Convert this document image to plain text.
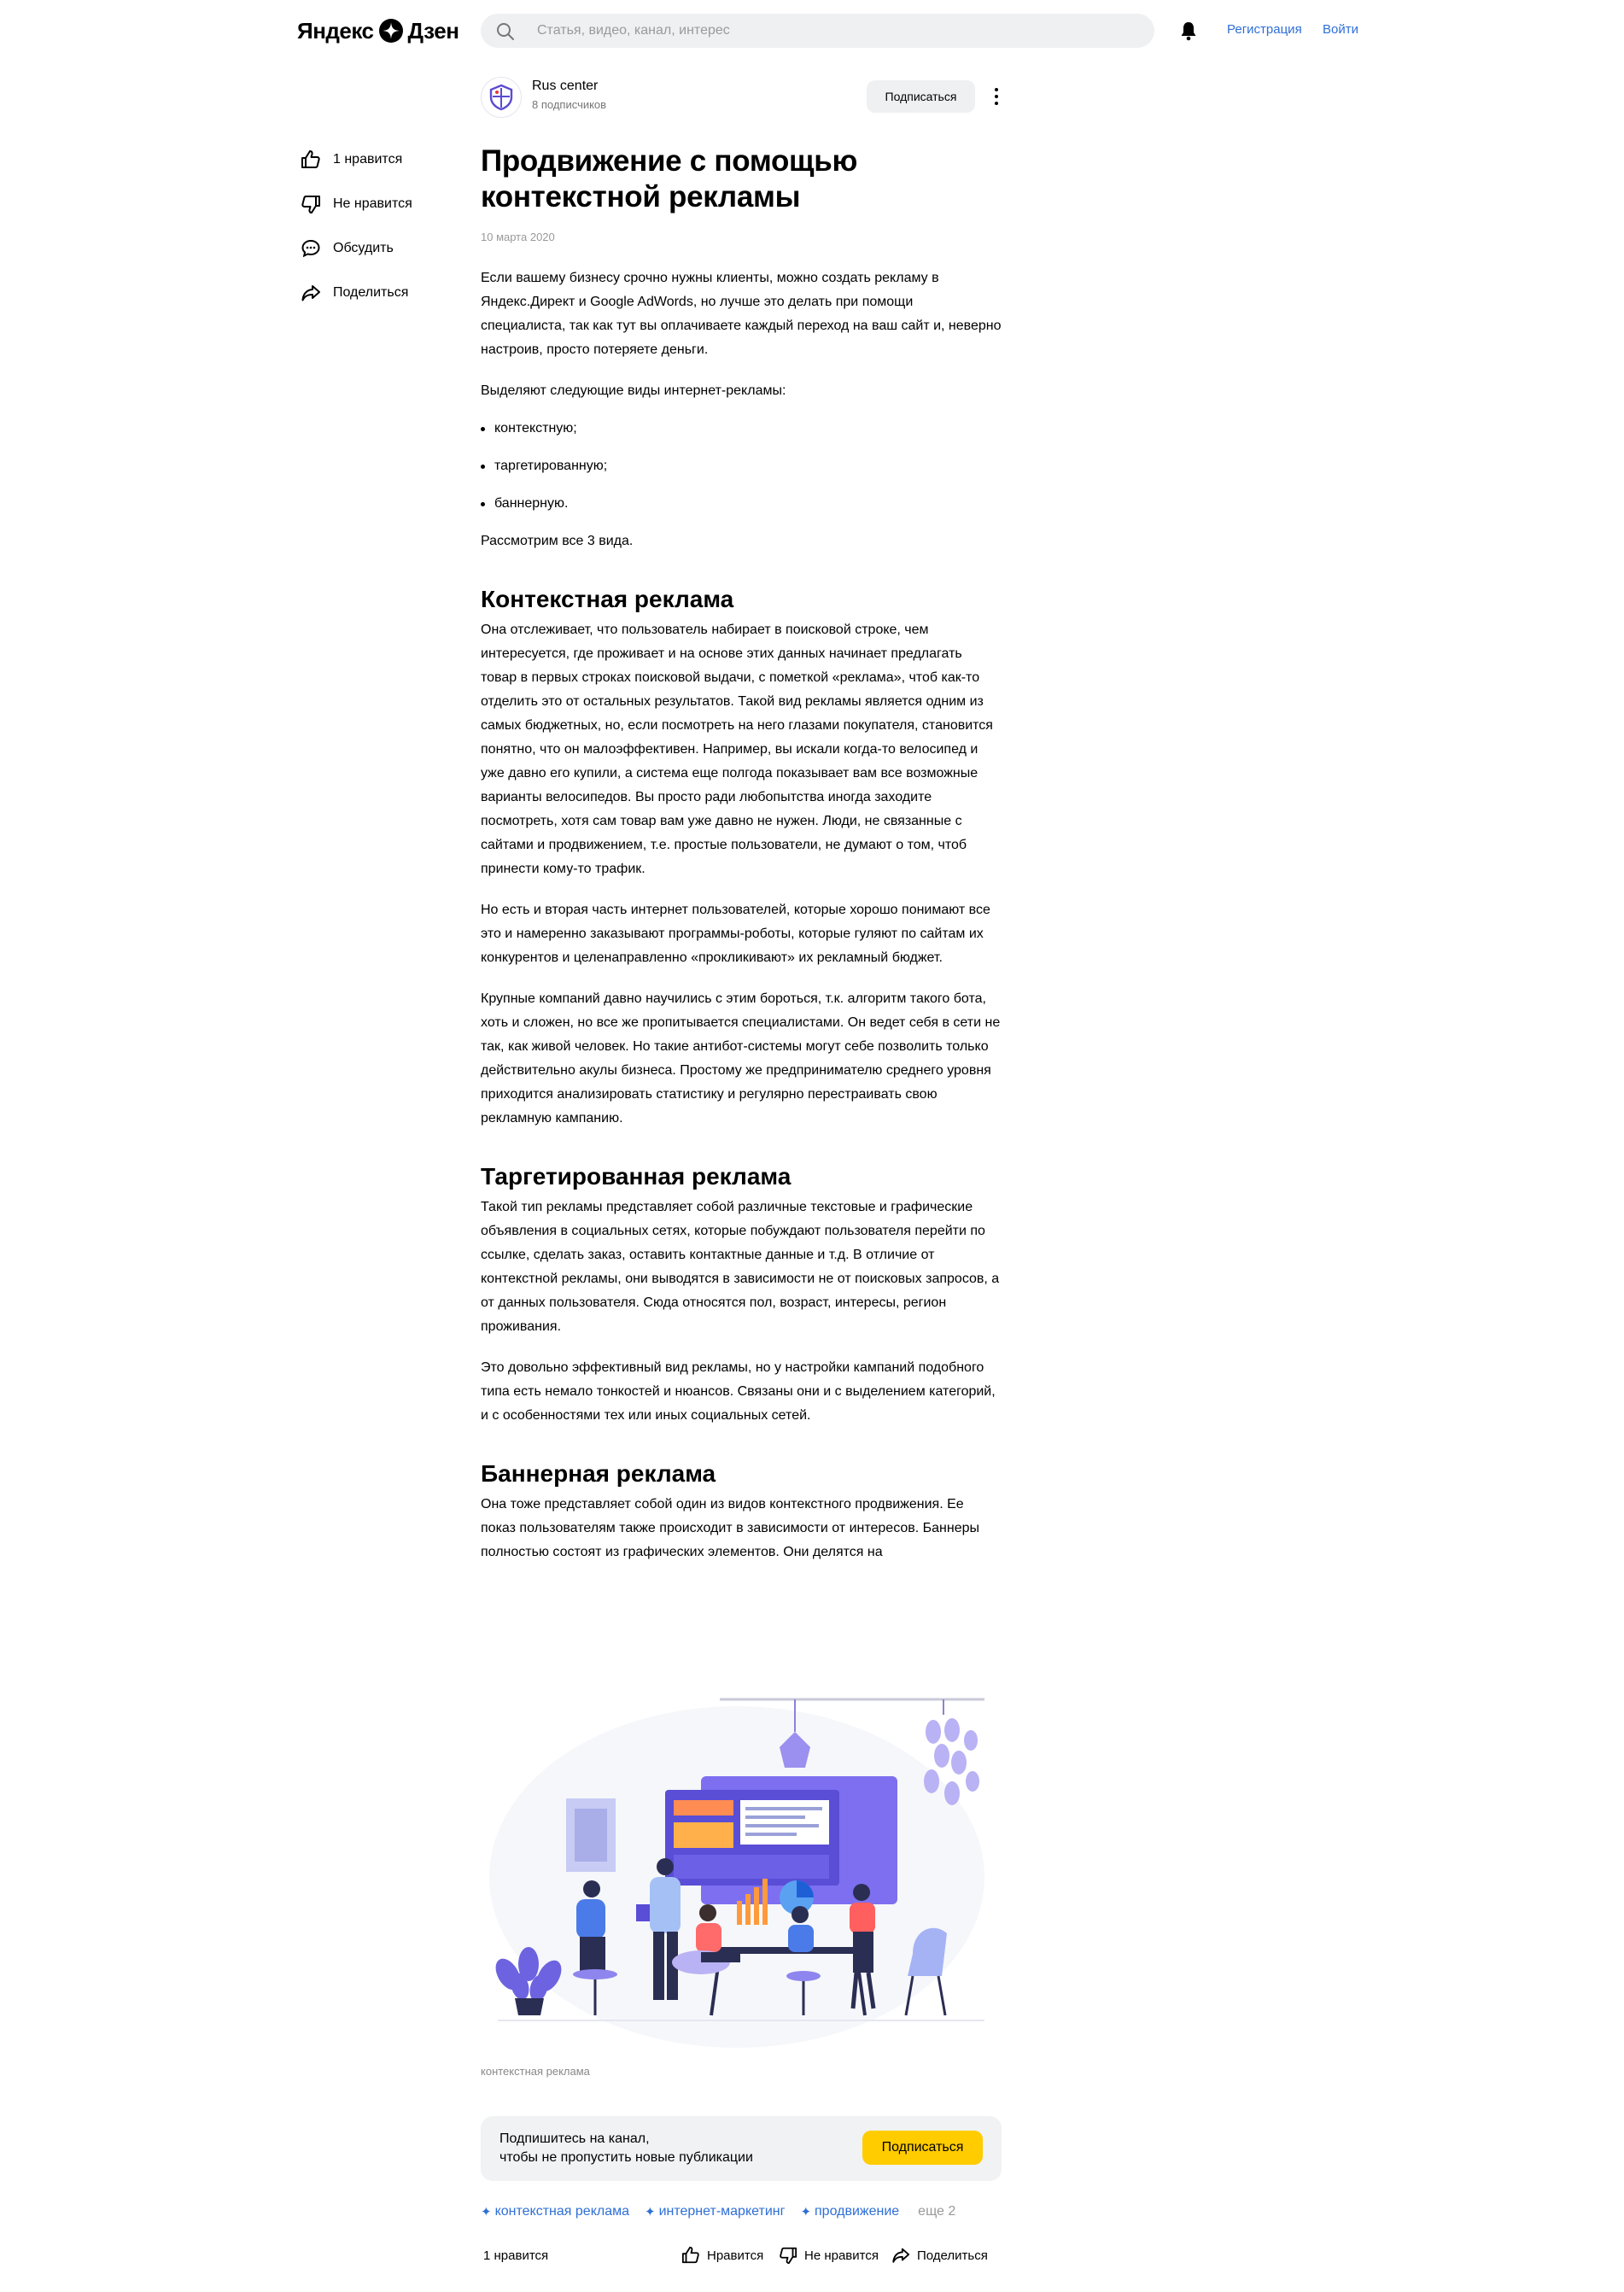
Яндекс Дзен
Статья, видео, канал, интерес	Регистрация Войти
Rus center
8 подписчиков
Подписаться
1 нравится
Не нравится
Обсудить
Поделиться
Продвижение с помощью контекстной рекламы
10 марта 2020

Если вашему бизнесу срочно нужны клиенты, можно создать рекламу в Яндекс.Директ и Google AdWords, но лучше это делать при помощи специалиста, так как тут вы оплачиваете каждый переход на ваш сайт и, неверно настроив, просто потеряете деньги.

Выделяют следующие виды интернет-рекламы:

контекстную;
таргетированную;
баннерную.

Рассмотрим все 3 вида.

Контекстная реклама

Она отслеживает, что пользователь набирает в поисковой строке, чем интересуется, где проживает и на основе этих данных начинает предлагать товар в первых строках поисковой выдачи, с пометкой «реклама», чтоб как-то отделить это от остальных результатов. Такой вид рекламы является одним из самых бюджетных, но, если посмотреть на него глазами покупателя, становится понятно, что он малоэффективен. Например, вы искали когда-то велосипед и уже давно его купили, а система еще полгода показывает вам все возможные варианты велосипедов. Вы просто ради любопытства иногда заходите посмотреть, хотя сам товар вам уже давно не нужен. Люди, не связанные с сайтами и продвижением, т.е. простые пользователи, не думают о том, чтоб принести кому-то трафик.

Но есть и вторая часть интернет пользователей, которые хорошо понимают все это и намеренно заказывают программы-роботы, которые гуляют по сайтам их конкурентов и целенаправленно «прокликивают» их рекламный бюджет.

Крупные компаний давно научились с этим бороться, т.к. алгоритм такого бота, хоть и сложен, но все же пропитывается специалистами. Он ведет себя в сети не так, как живой человек. Но такие антибот-системы могут себе позволить только действительно акулы бизнеса. Простому же предпринимателю среднего уровня приходится анализировать статистику и регулярно перестраивать свою рекламную кампанию.

Таргетированная реклама

Такой тип рекламы представляет собой различные текстовые и графические объявления в социальных сетях, которые побуждают пользователя перейти по ссылке, сделать заказ, оставить контактные данные и т.д. В отличие от контекстной рекламы, они выводятся в зависимости не от поисковых запросов, а от данных пользователя. Сюда относятся пол, возраст, интересы, регион проживания.

Это довольно эффективный вид рекламы, но у настройки кампаний подобного типа есть немало тонкостей и нюансов. Связаны они и с выделением категорий, и с особенностями тех или иных социальных сетей.

Баннерная реклама

Она тоже представляет собой один из видов контекстного продвижения. Ее показ пользователям также происходит в зависимости от интересов. Баннеры полностью состоят из графических элементов. Они делятся на

контекстная реклама
Подпишитесь на канал,
чтобы не пропустить новые публикации
Подписаться
✦ контекстная реклама ✦ интернет-маркетинг ✦ продвижение еще 2
1 нравится	Нравится	Не нравится	Поделиться
